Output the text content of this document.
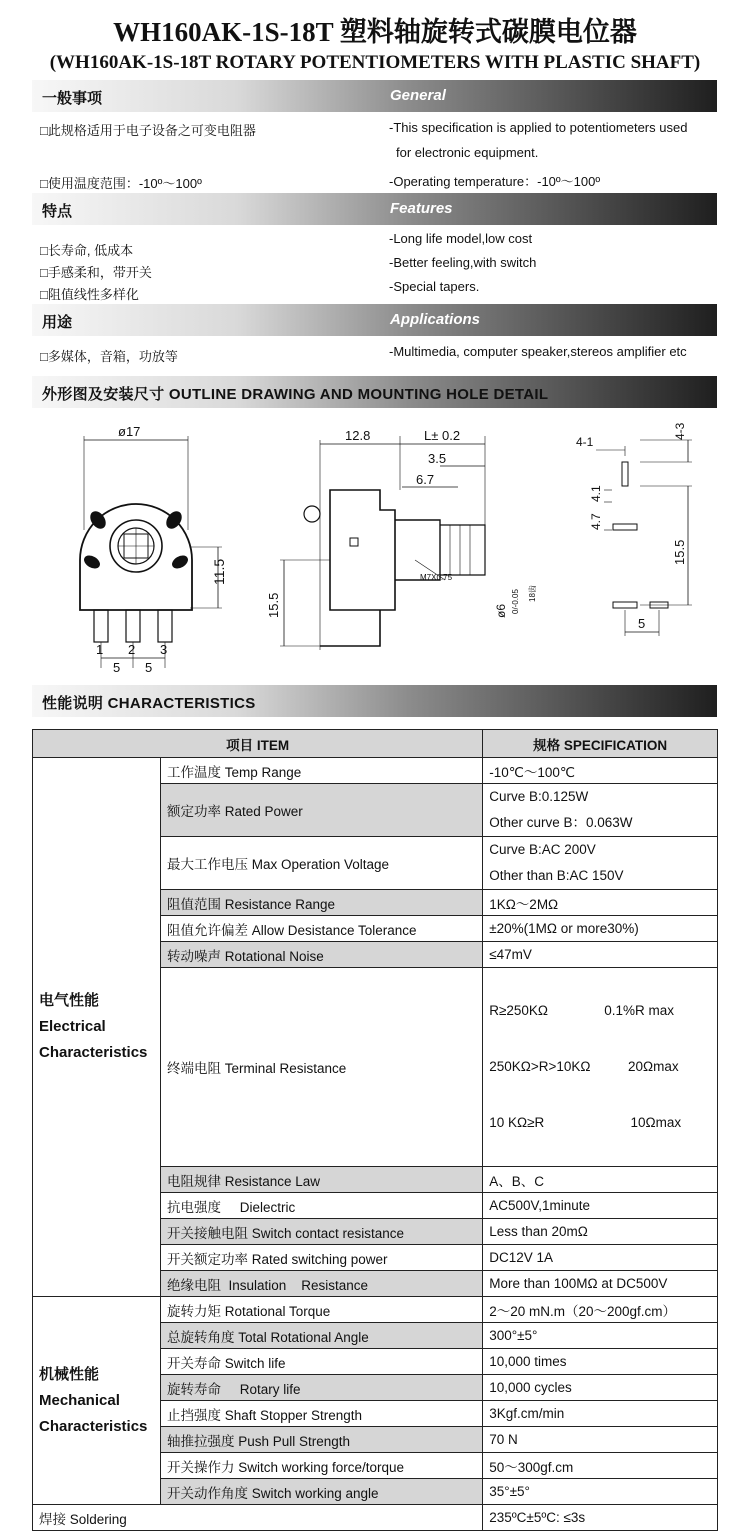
WH160AK-1S-18T 塑料轴旋转式碳膜电位器
(WH160AK-1S-18T ROTARY POTENTIOMETERS WITH PLASTIC SHAFT)
一般事项	General
□此规格适用于电子设备之可变电阻器
□使用温度范围：-10º～100º
-This specification is applied to potentiometers used
for electronic equipment.
-Operating temperature：-10º～100º
特点	Features
□长寿命, 低成本
□手感柔和，带开关
□阻值线性多样化
-Long life model,low cost
-Better feeling,with switch
-Special tapers.
用途	Applications
□多媒体，音箱，功放等	-Multimedia, computer speaker,stereos amplifier etc
外形图及安装尺寸 OUTLINE DRAWING AND MOUNTING HOLE DETAIL
ø17
11.5
1 2 3
5 5
12.8	L± 0.2
3.5
6.7
15.5
M7X0.75
ø6 0/-0.05 18齿
4-1
4-3
4.1
4.7
15.5
5
性能说明 CHARACTERISTICS
项目 ITEM		规格 SPECIFICATION

电气性能
Electrical
Characteristics	工作温度 Temp Range	-10℃～100℃
	额定功率 Rated Power	Curve B:0.125W
Other curve B：0.063W

	最大工作电压 Max Operation Voltage	Curve B:AC 200V
Other than B:AC 150V

	阻值范围 Resistance Range	1KΩ～2MΩ
	阻值允许偏差 Allow Desistance Tolerance	±20%(1MΩ or more30%)
	转动噪声 Rotational Noise	≤47mV
	终端电阻 Terminal Resistance	R≥250KΩ               0.1%R max

250KΩ>R>10KΩ          20Ωmax

10 KΩ≥R                       10Ωmax

	电阻规律 Resistance Law	A、B、C
	抗电强度     Dielectric	AC500V,1minute
	开关接触电阻 Switch contact resistance	Less than 20mΩ
	开关额定功率 Rated switching power	DC12V 1A
	绝缘电阻  Insulation    Resistance	More than 100MΩ at DC500V

机械性能
Mechanical
Characteristics	旋转力矩 Rotational Torque	2～20 mN.m（20～200gf.cm）
	总旋转角度 Total Rotational Angle	300°±5°
	开关寿命 Switch life	10,000 times
	旋转寿命     Rotary life	10,000 cycles
	止挡强度 Shaft Stopper Strength	3Kgf.cm/min
	轴推拉强度 Push Pull Strength	70 N
	开关操作力 Switch working force/torque	50～300gf.cm
	开关动作角度 Switch working angle	35°±5°
焊接 Soldering		235ºC±5ºC: ≤3s
